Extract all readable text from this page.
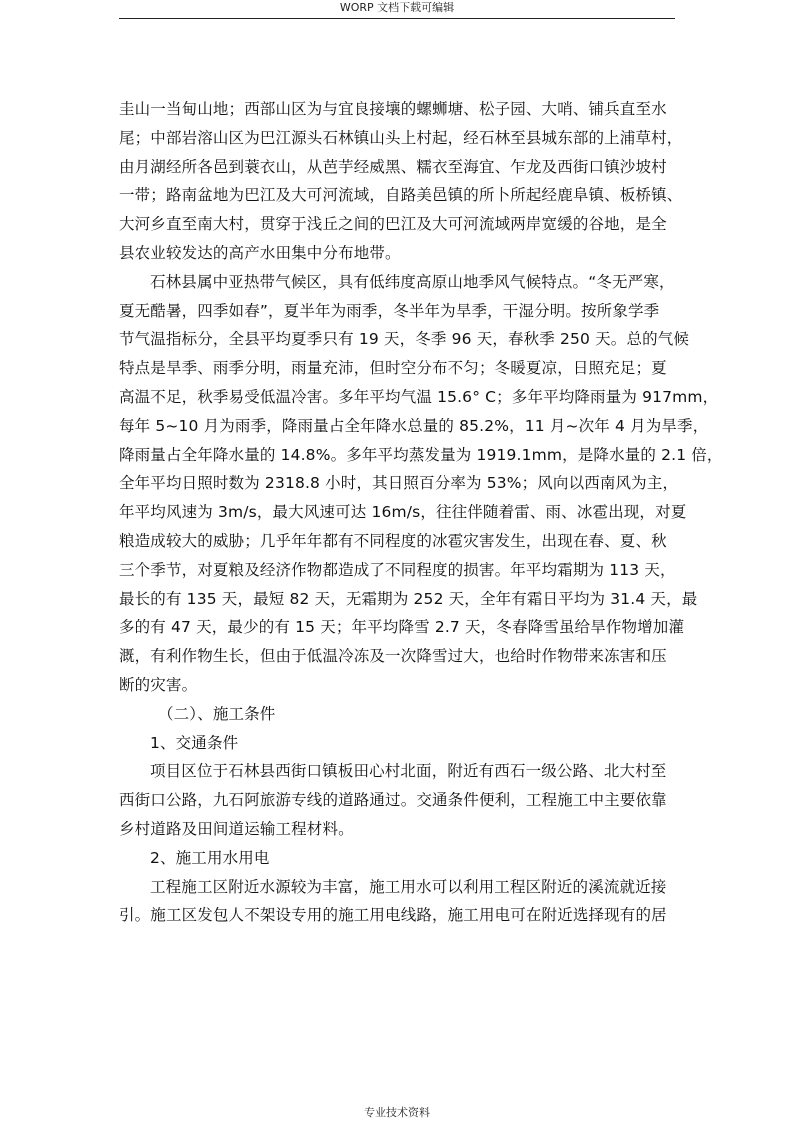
WORP 文档下载可编辑
圭山一当甸山地；西部山区为与宜良接壤的螺蛳塘、松子园、大哨、铺兵直至水
尾；中部岩溶山区为巴江源头石林镇山头上村起，经石林至县城东部的上浦草村，
由月湖经所各邑到蓑衣山，从芭芋经威黑、糯衣至海宜、乍龙及西街口镇沙坡村
一带；路南盆地为巴江及大可河流域，自路美邑镇的所卜所起经鹿阜镇、板桥镇、
大河乡直至南大村，贯穿于浅丘之间的巴江及大可河流域两岸宽缓的谷地，是全
县农业较发达的高产水田集中分布地带。
石林县属中亚热带气候区，具有低纬度高原山地季风气候特点。“冬无严寒，
夏无酷暑，四季如春”，夏半年为雨季，冬半年为旱季，干湿分明。按所象学季
节气温指标分，全县平均夏季只有 19 天，冬季 96 天，春秋季 250 天。总的气候
特点是旱季、雨季分明，雨量充沛，但时空分布不匀；冬暖夏凉，日照充足；夏
高温不足，秋季易受低温冷害。多年平均气温 15.6° C；多年平均降雨量为 917mm，
每年 5~10 月为雨季，降雨量占全年降水总量的 85.2%，11 月~次年 4 月为旱季，
降雨量占全年降水量的 14.8%。多年平均蒸发量为 1919.1mm，是降水量的 2.1 倍，
全年平均日照时数为 2318.8 小时，其日照百分率为 53%；风向以西南风为主，
年平均风速为 3m/s，最大风速可达 16m/s，往往伴随着雷、雨、冰雹出现，对夏
粮造成较大的威胁；几乎年年都有不同程度的冰雹灾害发生，出现在春、夏、秋
三个季节，对夏粮及经济作物都造成了不同程度的损害。年平均霜期为 113 天，
最长的有 135 天，最短 82 天，无霜期为 252 天，全年有霜日平均为 31.4 天，最
多的有 47 天，最少的有 15 天；年平均降雪 2.7 天，冬春降雪虽给旱作物增加灌
溉，有利作物生长，但由于低温冷冻及一次降雪过大，也给时作物带来冻害和压
断的灾害。
（二）、施工条件
1、交通条件
项目区位于石林县西街口镇板田心村北面，附近有西石一级公路、北大村至
西街口公路，九石阿旅游专线的道路通过。交通条件便利，工程施工中主要依靠
乡村道路及田间道运输工程材料。
2、施工用水用电
工程施工区附近水源较为丰富，施工用水可以利用工程区附近的溪流就近接
引。施工区发包人不架设专用的施工用电线路，施工用电可在附近选择现有的居
专业技术资料
